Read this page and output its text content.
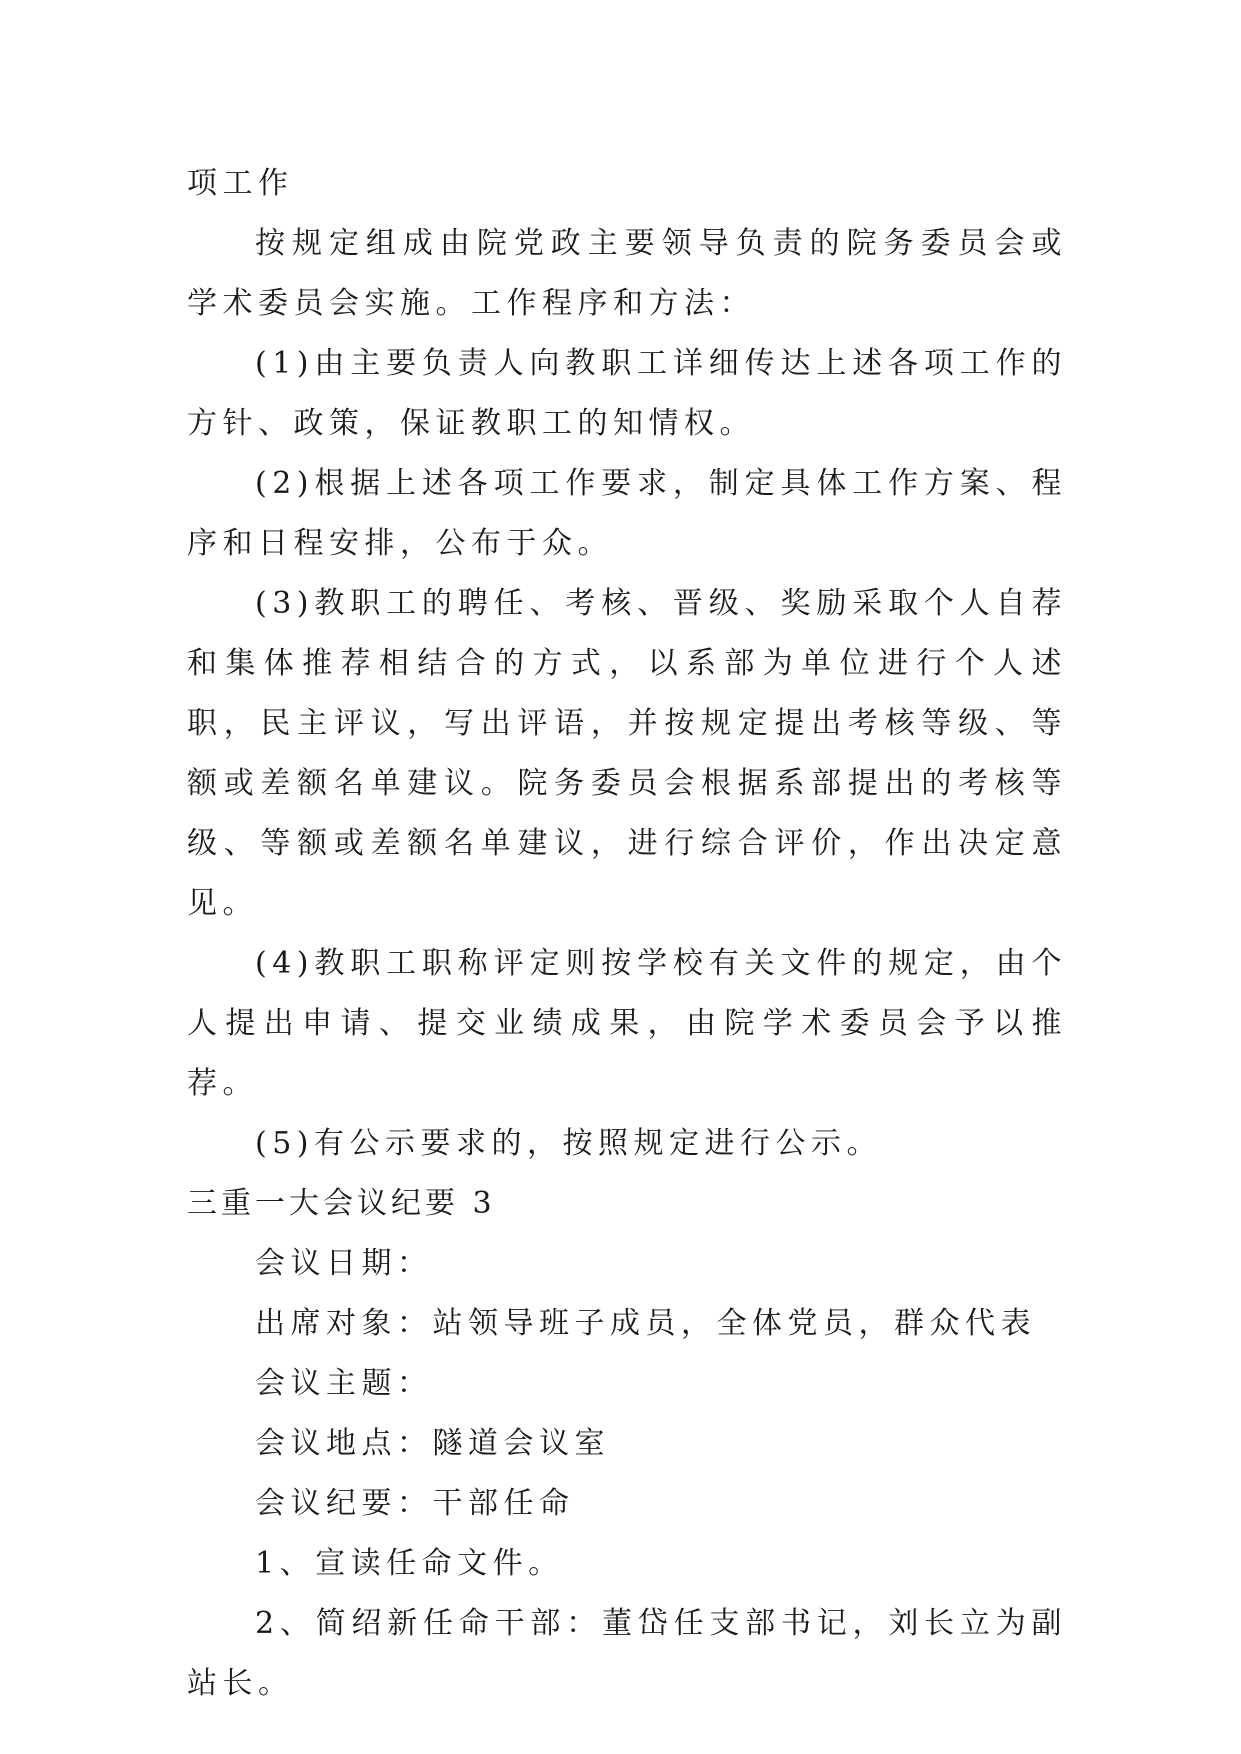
项工作

按规定组成由院党政主要领导负责的院务委员会或学术委员会实施。工作程序和方法：

(1)由主要负责人向教职工详细传达上述各项工作的方针、政策，保证教职工的知情权。

(2)根据上述各项工作要求，制定具体工作方案、程序和日程安排，公布于众。

(3)教职工的聘任、考核、晋级、奖励采取个人自荐和集体推荐相结合的方式，以系部为单位进行个人述职，民主评议，写出评语，并按规定提出考核等级、等额或差额名单建议。院务委员会根据系部提出的考核等级、等额或差额名单建议，进行综合评价，作出决定意见。

(4)教职工职称评定则按学校有关文件的规定，由个人提出申请、提交业绩成果，由院学术委员会予以推荐。

(5)有公示要求的，按照规定进行公示。

三重一大会议纪要 3

会议日期：

出席对象：站领导班子成员，全体党员，群众代表

会议主题：

会议地点：隧道会议室

会议纪要：干部任命

1、宣读任命文件。

2、简绍新任命干部：董岱任支部书记，刘长立为副站长。
